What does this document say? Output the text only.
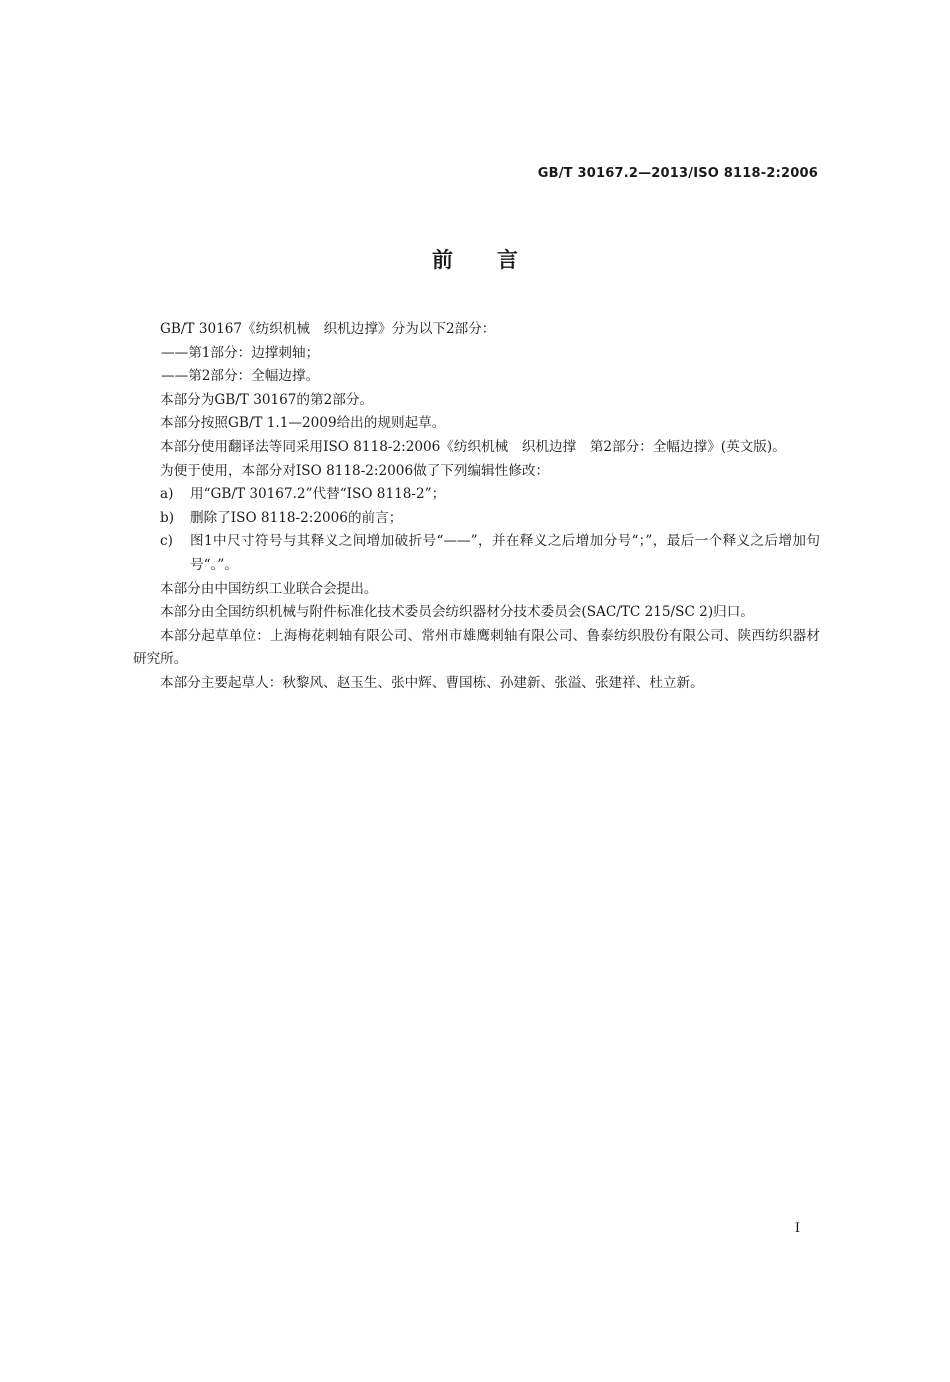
GB/T 30167.2—2013/ISO 8118-2:2006
前言

GB/T 30167《纺织机械　织机边撑》分为以下2部分：

——第1部分：边撑刺轴；

——第2部分：全幅边撑。

本部分为GB/T 30167的第2部分。

本部分按照GB/T 1.1—2009给出的规则起草。

本部分使用翻译法等同采用ISO 8118-2:2006《纺织机械　织机边撑　第2部分：全幅边撑》(英文版)。

为便于使用，本部分对ISO 8118-2:2006做了下列编辑性修改：

a) 用“GB/T 30167.2”代替“ISO 8118-2”；

b) 删除了ISO 8118-2:2006的前言；

c) 图1中尺寸符号与其释义之间增加破折号“——”，并在释义之后增加分号“；”，最后一个释义之后增加句号“。”。

本部分由中国纺织工业联合会提出。

本部分由全国纺织机械与附件标准化技术委员会纺织器材分技术委员会(SAC/TC 215/SC 2)归口。

本部分起草单位：上海梅花刺轴有限公司、常州市雄鹰刺轴有限公司、鲁泰纺织股份有限公司、陕西纺织器材研究所。

本部分主要起草人：秋黎风、赵玉生、张中辉、曹国栋、孙建新、张溢、张建祥、杜立新。

I
